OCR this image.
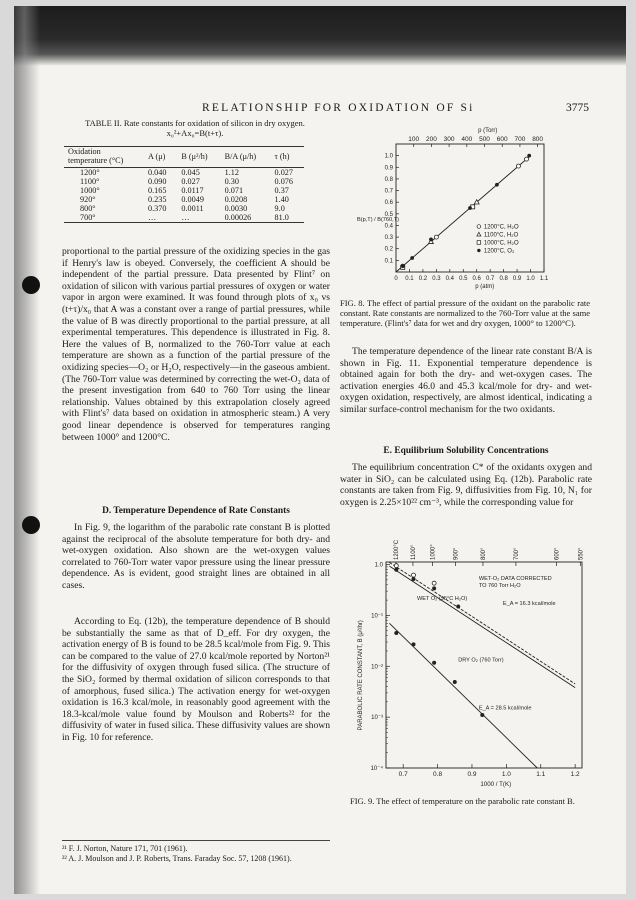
RELATIONSHIP FOR OXIDATION OF Si	3775
TABLE II. Rate constants for oxidation of silicon in dry oxygen. x₀²+Ax₀=B(t+τ).
Oxidation temperature (°C)	A (μ)	B (μ²/h)	B/A (μ/h)	τ (h)
1200°	0.040	0.045	1.12	0.027
1100°	0.090	0.027	0.30	0.076
1000°	0.165	0.0117	0.071	0.37
920°	0.235	0.0049	0.0208	1.40
800°	0.370	0.0011	0.0030	9.0
700°	…	…	0.00026	81.0
proportional to the partial pressure of the oxidizing species in the gas if Henry's law is obeyed. Conversely, the coefficient A should be independent of the partial pressure. Data presented by Flint⁷ on oxidation of silicon with various partial pressures of oxygen or water vapor in argon were examined. It was found through plots of x₀ vs (t+τ)/x₀ that A was a constant over a range of partial pressures, while the value of B was directly proportional to the partial pressure, at all experimental temperatures. This dependence is illustrated in Fig. 8. Here the values of B, normalized to the 760-Torr value at each temperature are shown as a function of the partial pressure of the oxidizing species—O₂ or H₂O, respectively—in the gaseous ambient. (The 760-Torr value was determined by correcting the wet-O₂ data of the present investigation from 640 to 760 Torr using the linear relationship. Values obtained by this extrapolation closely agreed with Flint's⁷ data based on oxidation in atmospheric steam.) A very good linear dependence is observed for temperatures ranging between 1000° and 1200°C.
D. Temperature Dependence of Rate Constants
In Fig. 9, the logarithm of the parabolic rate constant B is plotted against the reciprocal of the absolute temperature for both dry- and wet-oxygen oxidation. Also shown are the wet-oxygen values correlated to 760-Torr water vapor pressure using the linear pressure dependence. As is evident, good straight lines are obtained in all cases.
According to Eq. (12b), the temperature dependence of B should be substantially the same as that of D_eff. For dry oxygen, the activation energy of B is found to be 28.5 kcal/mole from Fig. 9. This can be compared to the value of 27.0 kcal/mole reported by Norton²¹ for the diffusivity of oxygen through fused silica. (The structure of the SiO₂ formed by thermal oxidation of silicon corresponds to that of amorphous, fused silica.) The activation energy for wet-oxygen oxidation is 16.3 kcal/mole, in reasonably good agreement with the 18.3-kcal/mole value found by Moulson and Roberts²² for the diffusivity of water in fused silica. These diffusivity values are shown in Fig. 10 for reference.
²¹ F. J. Norton, Nature 171, 701 (1961).
²² A. J. Moulson and J. P. Roberts, Trans. Faraday Soc. 57, 1208 (1961).
0 0.1 0.2 0.3 0.4 0.5 0.6 0.7 0.8 0.9 1.0 1.1
0.1
0.2
0.3
0.4
0.5
0.6
0.7
0.8
0.9
1.0
100 200 300 400 500 600 700 800
p (Torr)
p (atm)
B(p,T) / B(760,T)
1200°C, H₂O
1100°C, H₂O
1000°C, H₂O
1200°C, O₂
FIG. 8. The effect of partial pressure of the oxidant on the parabolic rate constant. Rate constants are normalized to the 760-Torr value at the same temperature. (Flint's⁷ data for wet and dry oxygen, 1000° to 1200°C).
The temperature dependence of the linear rate constant B/A is shown in Fig. 11. Exponential temperature dependence is obtained again for both the dry- and wet-oxygen cases. The activation energies 46.0 and 45.3 kcal/mole for dry- and wet-oxygen oxidation, respectively, are almost identical, indicating a similar surface-control mechanism for the two oxidants.
E. Equilibrium Solubility Concentrations
The equilibrium concentration C* of the oxidants oxygen and water in SiO₂ can be calculated using Eq. (12b). Parabolic rate constants are taken from Fig. 9, diffusivities from Fig. 10, N₁ for oxygen is 2.25×10²² cm⁻³, while the corresponding value for
0.7	0.8	0.9	1.0	1.1	1.2
1.0
10⁻¹
10⁻²
10⁻³
10⁻⁴
1200°C 1100° 1000°	900°	800°	700°	600°	550°
1000 / T(K)
PARABOLIC RATE CONSTANT, B (μ²/hr)
WET-O₂ DATA CORRECTED
TO 760 Torr H₂O
WET O₂ (95°C H₂O)
E_A = 16.3 kcal/mole
DRY O₂ (760 Torr)
E_A = 28.5 kcal/mole
FIG. 9. The effect of temperature on the parabolic rate constant B.
